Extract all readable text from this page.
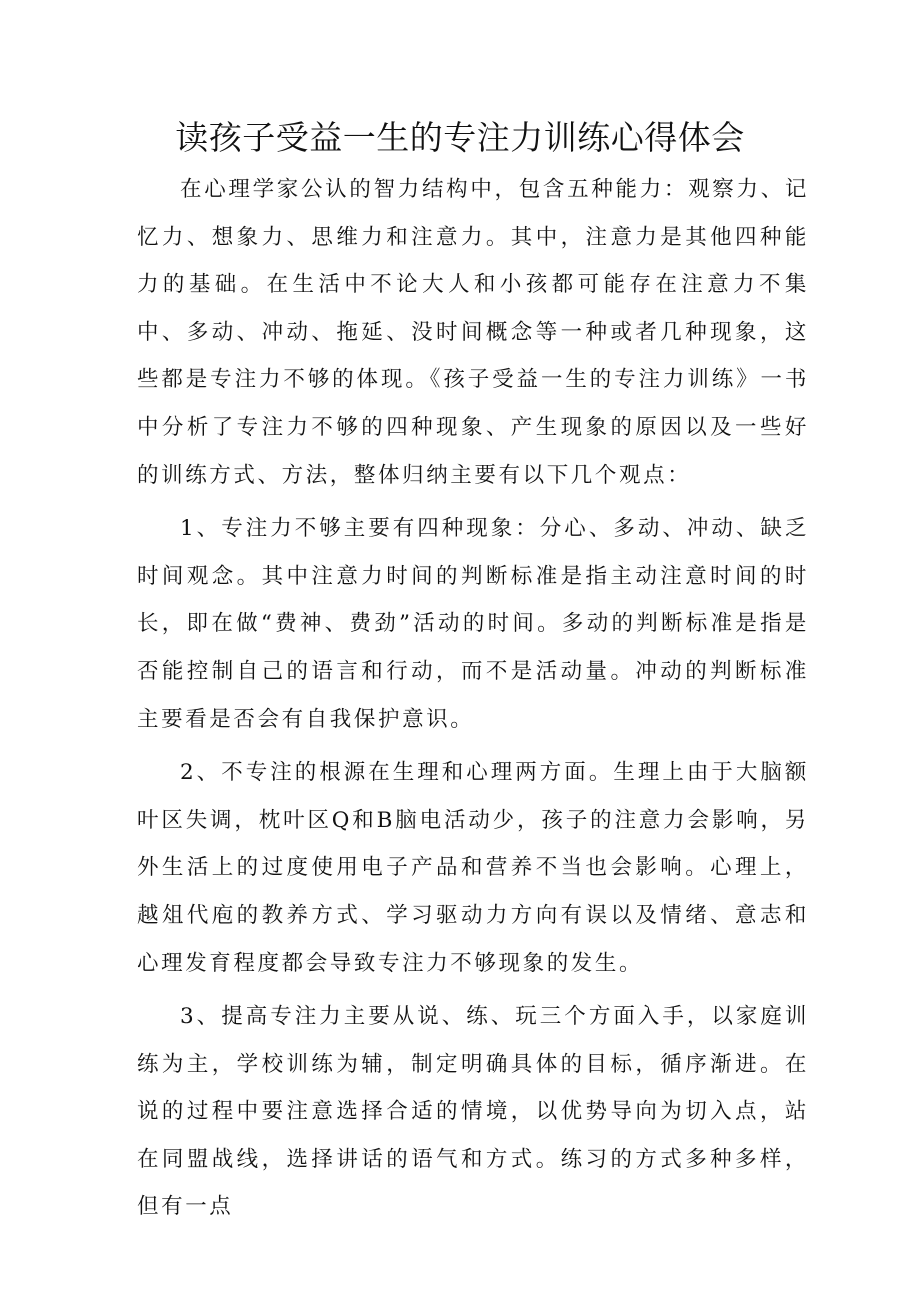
读孩子受益一生的专注力训练心得体会

在心理学家公认的智力结构中，包含五种能力：观察力、记忆力、想象力、思维力和注意力。其中，注意力是其他四种能力的基础。在生活中不论大人和小孩都可能存在注意力不集中、多动、冲动、拖延、没时间概念等一种或者几种现象，这些都是专注力不够的体现。《孩子受益一生的专注力训练》一书中分析了专注力不够的四种现象、产生现象的原因以及一些好的训练方式、方法，整体归纳主要有以下几个观点：

1、专注力不够主要有四种现象：分心、多动、冲动、缺乏时间观念。其中注意力时间的判断标准是指主动注意时间的时长，即在做“费神、费劲”活动的时间。多动的判断标准是指是否能控制自己的语言和行动，而不是活动量。冲动的判断标准主要看是否会有自我保护意识。

2、不专注的根源在生理和心理两方面。生理上由于大脑额叶区失调，枕叶区Q和B脑电活动少，孩子的注意力会影响，另外生活上的过度使用电子产品和营养不当也会影响。心理上，越俎代庖的教养方式、学习驱动力方向有误以及情绪、意志和心理发育程度都会导致专注力不够现象的发生。

3、提高专注力主要从说、练、玩三个方面入手，以家庭训练为主，学校训练为辅，制定明确具体的目标，循序渐进。在说的过程中要注意选择合适的情境，以优势导向为切入点，站在同盟战线，选择讲话的语气和方式。练习的方式多种多样，但有一点
